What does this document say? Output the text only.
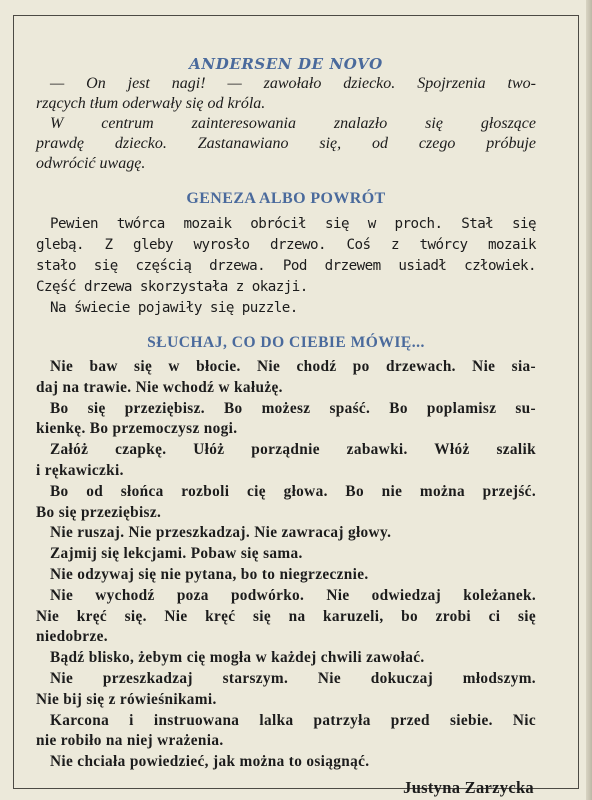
ANDERSEN DE NOVO

— On jest nagi! — zawołało dziecko. Spojrzenia two-
rzących tłum oderwały się od króla.

W centrum zainteresowania znalazło się głoszące
prawdę dziecko. Zastanawiano się, od czego próbuje
odwrócić uwagę.

GENEZA ALBO POWRÓT

Pewien twórca mozaik obrócił się w proch. Stał się
glebą. Z gleby wyrosło drzewo. Coś z twórcy mozaik
stało się częścią drzewa. Pod drzewem usiadł człowiek.
Część drzewa skorzystała z okazji.

Na świecie pojawiły się puzzle.

SŁUCHAJ, CO DO CIEBIE MÓWIĘ...

Nie baw się w błocie. Nie chodź po drzewach. Nie sia-
daj na trawie. Nie wchodź w kałużę.

Bo się przeziębisz. Bo możesz spaść. Bo poplamisz su-
kienkę. Bo przemoczysz nogi.

Załóż czapkę. Ułóż porządnie zabawki. Włóż szalik
i rękawiczki.

Bo od słońca rozboli cię głowa. Bo nie można przejść.
Bo się przeziębisz.

Nie ruszaj. Nie przeszkadzaj. Nie zawracaj głowy.

Zajmij się lekcjami. Pobaw się sama.

Nie odzywaj się nie pytana, bo to niegrzecznie.

Nie wychodź poza podwórko. Nie odwiedzaj koleżanek.
Nie kręć się. Nie kręć się na karuzeli, bo zrobi ci się
niedobrze.

Bądź blisko, żebym cię mogła w każdej chwili zawołać.

Nie przeszkadzaj starszym. Nie dokuczaj młodszym.
Nie bij się z rówieśnikami.

Karcona i instruowana lalka patrzyła przed siebie. Nic
nie robiło na niej wrażenia.

Nie chciała powiedzieć, jak można to osiągnąć.

Justyna Zarzycka
